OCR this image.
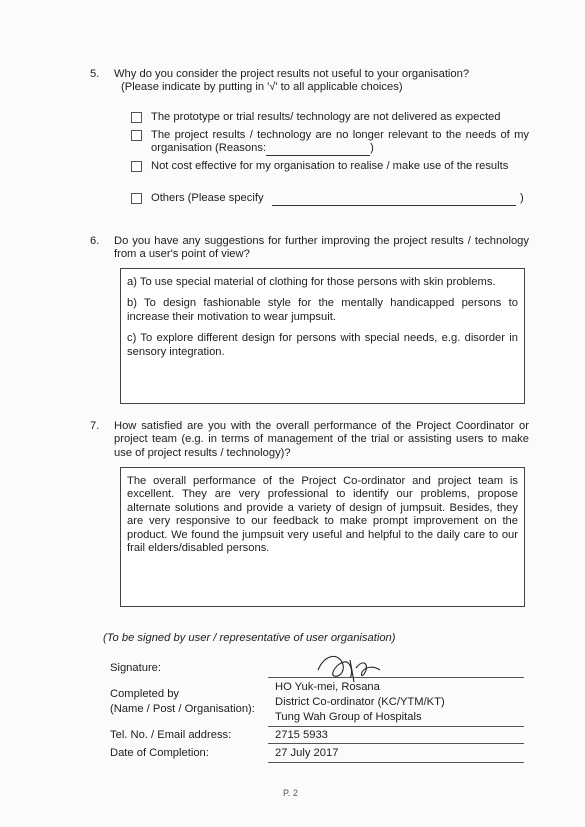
5.	Why do you consider the project results not useful to your organisation?
(Please indicate by putting in '√' to all applicable choices)
The prototype or trial results/ technology are not delivered as expected
The project results / technology are no longer relevant to the needs of my organisation (Reasons:	)
Not cost effective for my organisation to realise / make use of the results
Others (Please specify	)
6.	Do you have any suggestions for further improving the project results / technology from a user's point of view?

a) To use special material of clothing for those persons with skin problems.

b) To design fashionable style for the mentally handicapped persons to increase their motivation to wear jumpsuit.

c) To explore different design for persons with special needs, e.g. disorder in sensory integration.

7.	How satisfied are you with the overall performance of the Project Coordinator or project team (e.g. in terms of management of the trial or assisting users to make use of project results / technology)?

The overall performance of the Project Co-ordinator and project team is excellent. They are very professional to identify our problems, propose alternate solutions and provide a variety of design of jumpsuit. Besides, they are very responsive to our feedback to make prompt improvement on the product. We found the jumpsuit very useful and helpful to the daily care to our frail elders/disabled persons.

(To be signed by user / representative of user organisation)
Signature:
Completed by
(Name / Post / Organisation):
HO Yuk-mei, Rosana
District Co-ordinator (KC/YTM/KT)
Tung Wah Group of Hospitals
Tel. No. / Email address:	2715 5933
Date of Completion:	27 July 2017
P. 2
